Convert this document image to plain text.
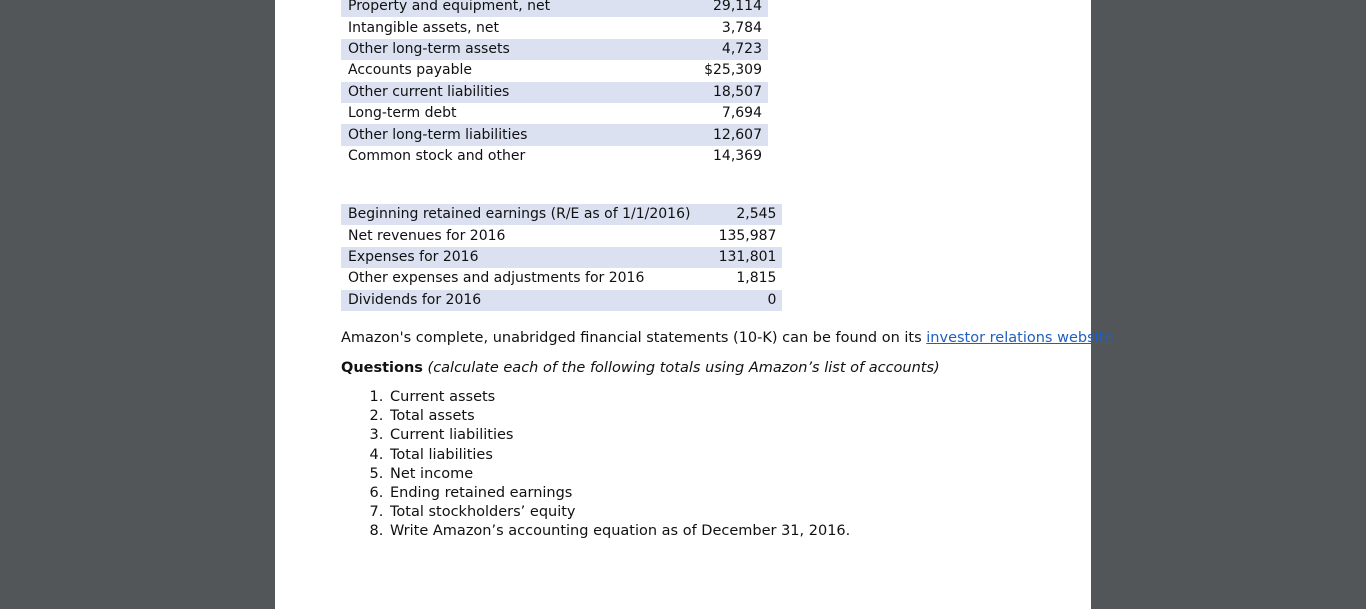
Property and equipment, net	29,114
Intangible assets, net	3,784
Other long-term assets	4,723
Accounts payable	$25,309
Other current liabilities	18,507
Long-term debt	7,694
Other long-term liabilities	12,607
Common stock and other	14,369
Beginning retained earnings (R/E as of 1/1/2016)	2,545
Net revenues for 2016	135,987
Expenses for 2016	131,801
Other expenses and adjustments for 2016	1,815
Dividends for 2016	0
Amazon's complete, unabridged financial statements (10-K) can be found on its investor relations website.
Questions (calculate each of the following totals using Amazon’s list of accounts)
1. Current assets
2. Total assets
3. Current liabilities
4. Total liabilities
5. Net income
6. Ending retained earnings
7. Total stockholders’ equity
8. Write Amazon’s accounting equation as of December 31, 2016.
